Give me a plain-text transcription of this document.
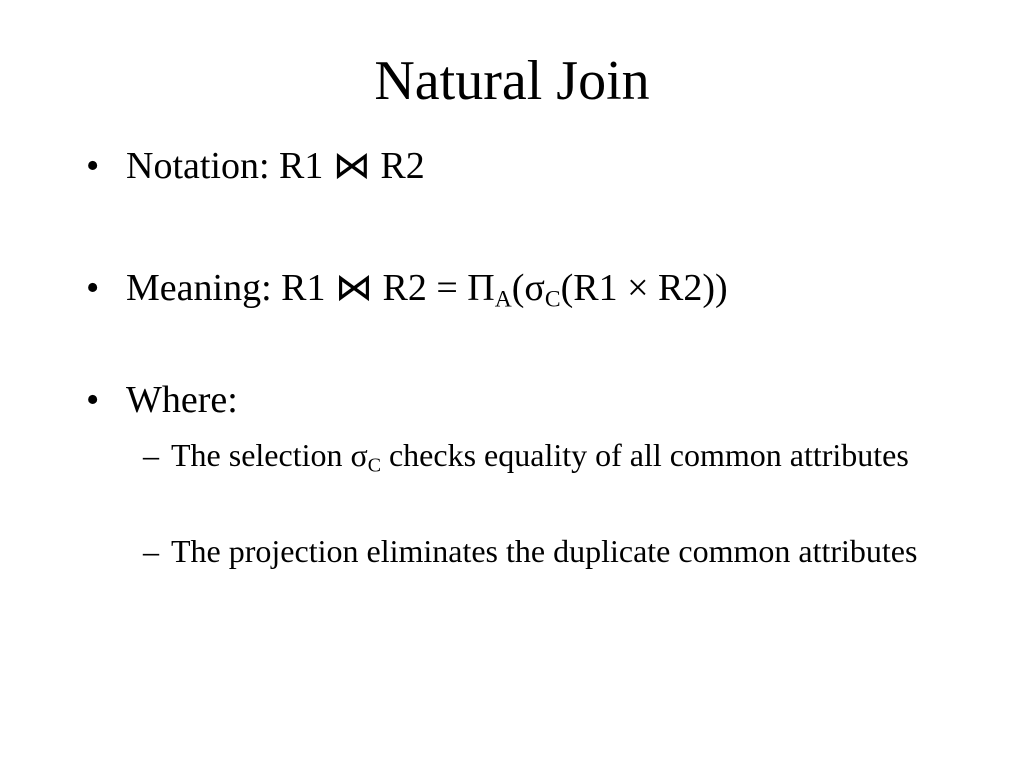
Natural Join
• Notation: R1 ⋈ R2
• Meaning: R1 ⋈ $R2 = \Pi_A(\sigma_C(R1 \times R2))$
• Where:
– The selection $\sigma_C$ checks equality of all common attributes
– The projection eliminates the duplicate common attributes
